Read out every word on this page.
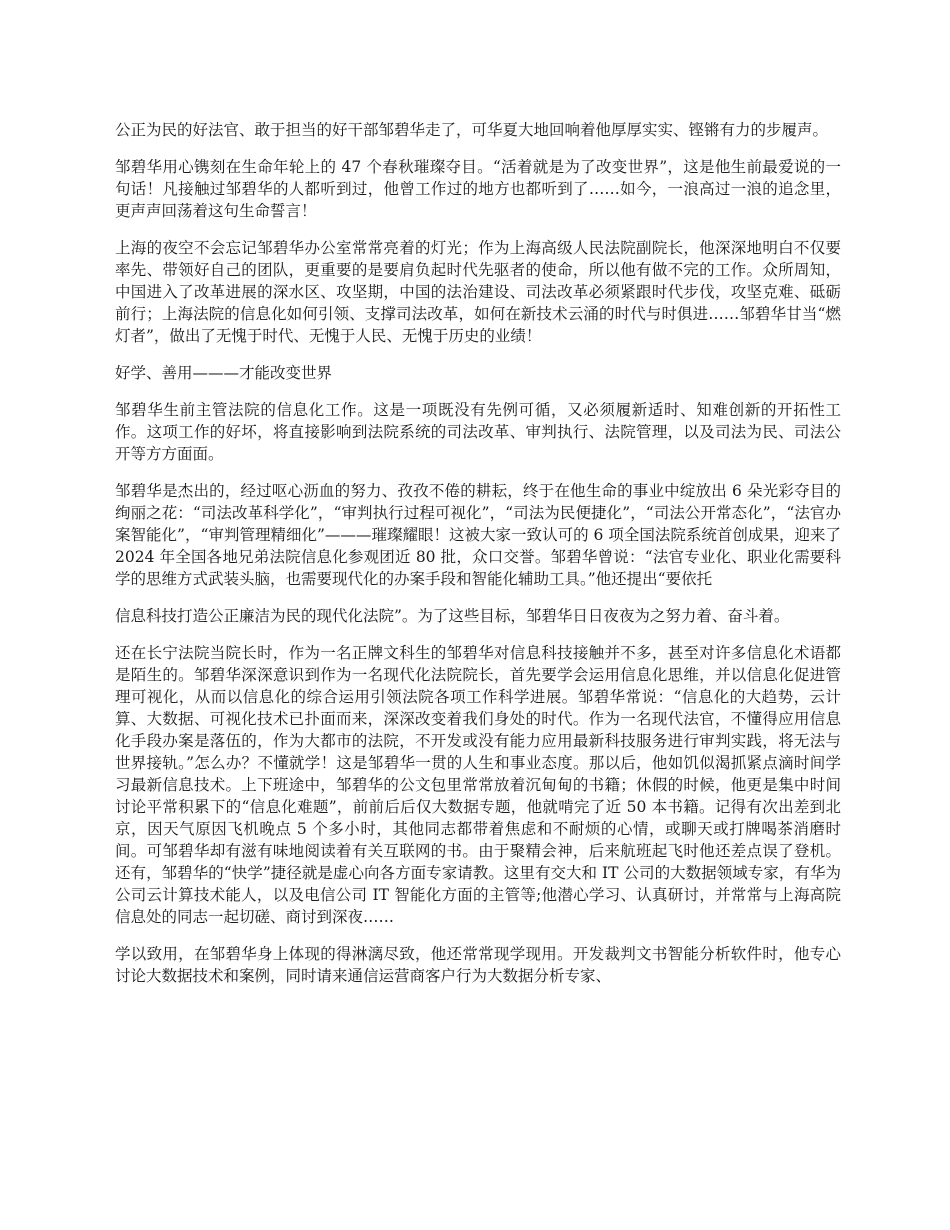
公正为民的好法官、敢于担当的好干部邹碧华走了，可华夏大地回响着他厚厚实实、铿锵有力的步履声。

邹碧华用心镌刻在生命年轮上的 47 个春秋璀璨夺目。“活着就是为了改变世界”，这是他生前最爱说的一句话！凡接触过邹碧华的人都听到过，他曾工作过的地方也都听到了……如今，一浪高过一浪的追念里，更声声回荡着这句生命誓言！

上海的夜空不会忘记邹碧华办公室常常亮着的灯光；作为上海高级人民法院副院长，他深深地明白不仅要率先、带领好自己的团队，更重要的是要肩负起时代先驱者的使命，所以他有做不完的工作。众所周知，中国进入了改革进展的深水区、攻坚期，中国的法治建设、司法改革必须紧跟时代步伐，攻坚克难、砥砺前行；上海法院的信息化如何引领、支撑司法改革，如何在新技术云涌的时代与时俱进……邹碧华甘当“燃灯者”，做出了无愧于时代、无愧于人民、无愧于历史的业绩！

好学、善用———才能改变世界

邹碧华生前主管法院的信息化工作。这是一项既没有先例可循，又必须履新适时、知难创新的开拓性工作。这项工作的好坏，将直接影响到法院系统的司法改革、审判执行、法院管理，以及司法为民、司法公开等方方面面。

邹碧华是杰出的，经过呕心沥血的努力、孜孜不倦的耕耘，终于在他生命的事业中绽放出 6 朵光彩夺目的绚丽之花：“司法改革科学化”，“审判执行过程可视化”，“司法为民便捷化”，“司法公开常态化”，“法官办案智能化”，“审判管理精细化”———璀璨耀眼！这被大家一致认可的 6 项全国法院系统首创成果，迎来了 2024 年全国各地兄弟法院信息化参观团近 80 批，众口交誉。邹碧华曾说：“法官专业化、职业化需要科学的思维方式武装头脑，也需要现代化的办案手段和智能化辅助工具。”他还提出“要依托

信息科技打造公正廉洁为民的现代化法院”。为了这些目标，邹碧华日日夜夜为之努力着、奋斗着。

还在长宁法院当院长时，作为一名正牌文科生的邹碧华对信息科技接触并不多，甚至对许多信息化术语都是陌生的。邹碧华深深意识到作为一名现代化法院院长，首先要学会运用信息化思维，并以信息化促进管理可视化，从而以信息化的综合运用引领法院各项工作科学进展。邹碧华常说：“信息化的大趋势，云计算、大数据、可视化技术已扑面而来，深深改变着我们身处的时代。作为一名现代法官，不懂得应用信息化手段办案是落伍的，作为大都市的法院，不开发或没有能力应用最新科技服务进行审判实践，将无法与世界接轨。”怎么办？不懂就学！这是邹碧华一贯的人生和事业态度。那以后，他如饥似渴抓紧点滴时间学习最新信息技术。上下班途中，邹碧华的公文包里常常放着沉甸甸的书籍；休假的时候，他更是集中时间讨论平常积累下的“信息化难题”，前前后后仅大数据专题，他就啃完了近 50 本书籍。记得有次出差到北京，因天气原因飞机晚点 5 个多小时，其他同志都带着焦虑和不耐烦的心情，或聊天或打牌喝茶消磨时间。可邹碧华却有滋有味地阅读着有关互联网的书。由于聚精会神，后来航班起飞时他还差点误了登机。还有，邹碧华的“快学”捷径就是虚心向各方面专家请教。这里有交大和 IT 公司的大数据领域专家，有华为公司云计算技术能人，以及电信公司 IT 智能化方面的主管等;他潜心学习、认真研讨，并常常与上海高院信息处的同志一起切磋、商讨到深夜……

学以致用，在邹碧华身上体现的得淋漓尽致，他还常常现学现用。开发裁判文书智能分析软件时，他专心讨论大数据技术和案例，同时请来通信运营商客户行为大数据分析专家、
